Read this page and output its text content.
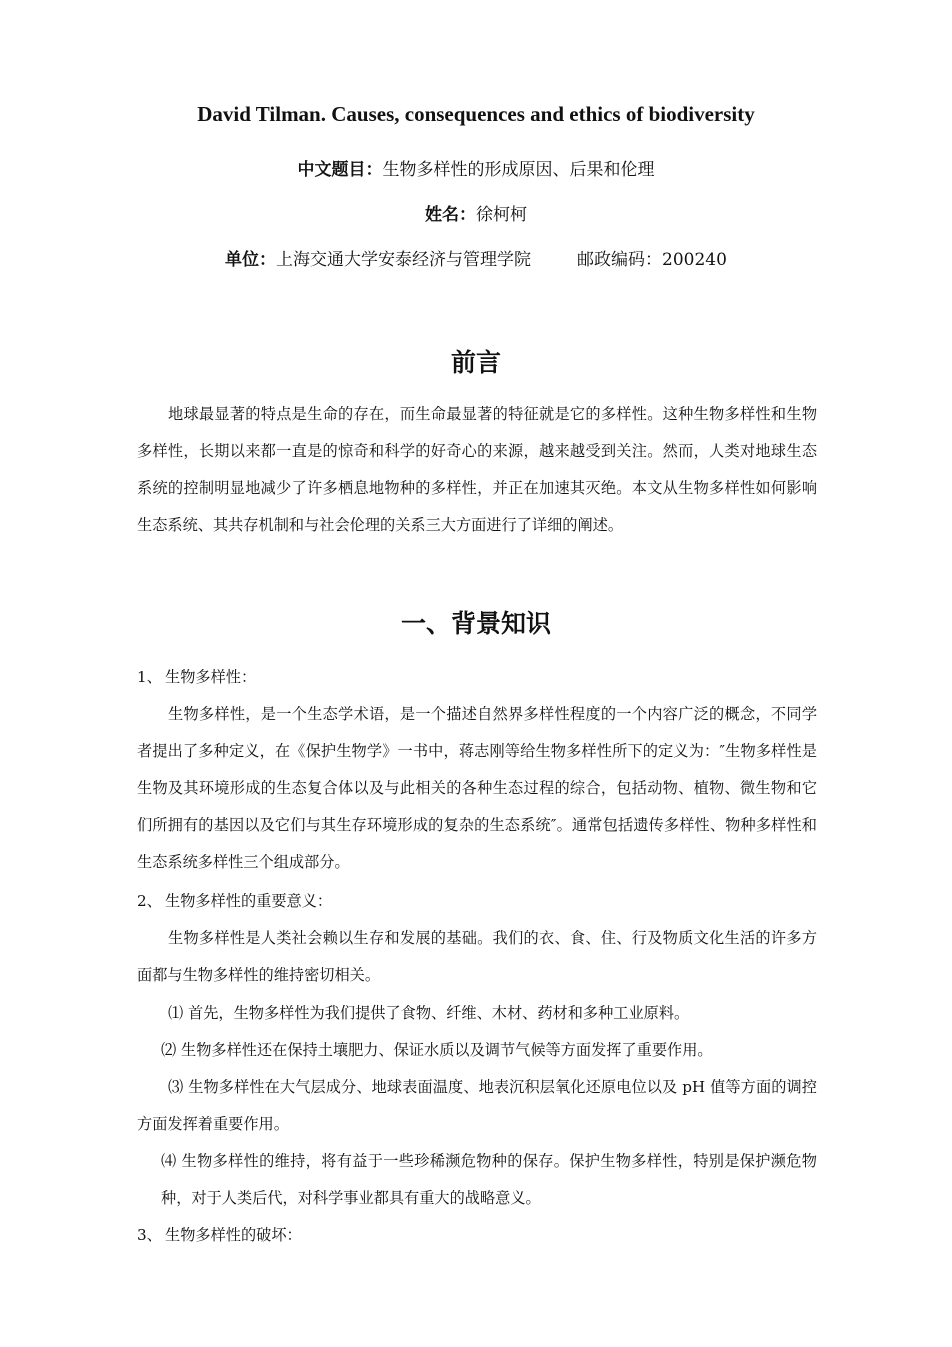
David Tilman. Causes, consequences and ethics of biodiversity
中文题目：生物多样性的形成原因、后果和伦理
姓名：徐柯柯
单位：上海交通大学安泰经济与管理学院	邮政编码：200240
前言
地球最显著的特点是生命的存在，而生命最显著的特征就是它的多样性。这种生物多样性和生物多样性，长期以来都一直是的惊奇和科学的好奇心的来源，越来越受到关注。然而，人类对地球生态系统的控制明显地减少了许多栖息地物种的多样性，并正在加速其灭绝。本文从生物多样性如何影响生态系统、其共存机制和与社会伦理的关系三大方面进行了详细的阐述。
一、背景知识
1、 生物多样性：
生物多样性，是一个生态学术语，是一个描述自然界多样性程度的一个内容广泛的概念，不同学者提出了多种定义，在《保护生物学》一书中，蒋志刚等给生物多样性所下的定义为：″生物多样性是生物及其环境形成的生态复合体以及与此相关的各种生态过程的综合，包括动物、植物、微生物和它们所拥有的基因以及它们与其生存环境形成的复杂的生态系统″。通常包括遗传多样性、物种多样性和生态系统多样性三个组成部分。
2、 生物多样性的重要意义：
生物多样性是人类社会赖以生存和发展的基础。我们的衣、食、住、行及物质文化生活的许多方面都与生物多样性的维持密切相关。
⑴ 首先，生物多样性为我们提供了食物、纤维、木材、药材和多种工业原料。
⑵ 生物多样性还在保持土壤肥力、保证水质以及调节气候等方面发挥了重要作用。
⑶ 生物多样性在大气层成分、地球表面温度、地表沉积层氧化还原电位以及 pH 值等方面的调控方面发挥着重要作用。
⑷ 生物多样性的维持，将有益于一些珍稀濒危物种的保存。保护生物多样性，特别是保护濒危物种，对于人类后代，对科学事业都具有重大的战略意义。
3、 生物多样性的破坏：
